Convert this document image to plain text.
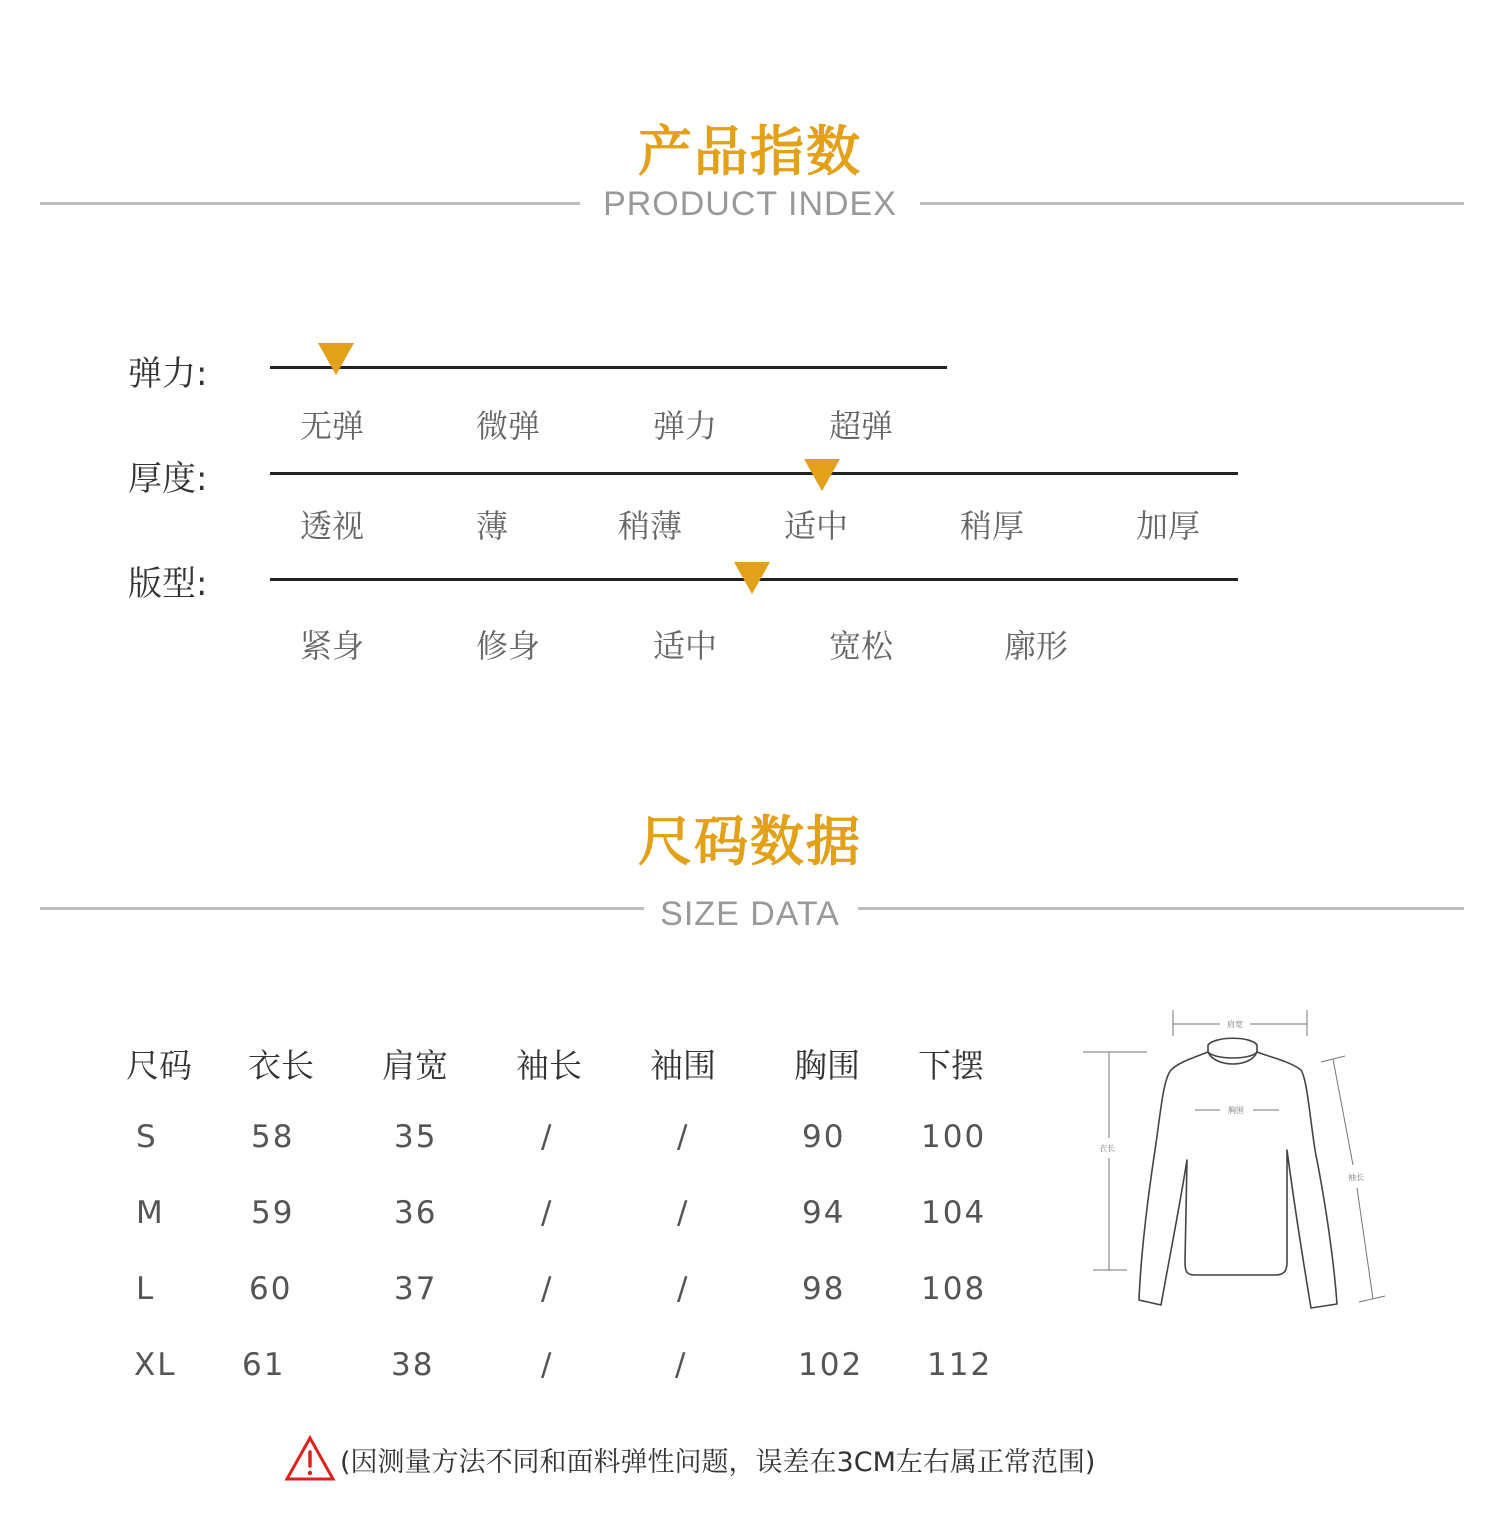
产品指数
PRODUCT INDEX
弹力:
无弹	微弹	弹力	超弹
厚度:
透视	薄	稍薄	适中	稍厚	加厚
版型:
紧身	修身	适中	宽松	廓形
尺码数据
SIZE DATA
尺码 衣长 肩宽 袖长 袖围 胸围 下摆
S	58	35	/	/	90 100
M	59	36	/	/	94 104
L	60	37	/	/	98 108
XL 61	38	/	/	102 112
肩宽
胸围
衣长
袖长
(因测量方法不同和面料弹性问题，误差在3CM左右属正常范围)
